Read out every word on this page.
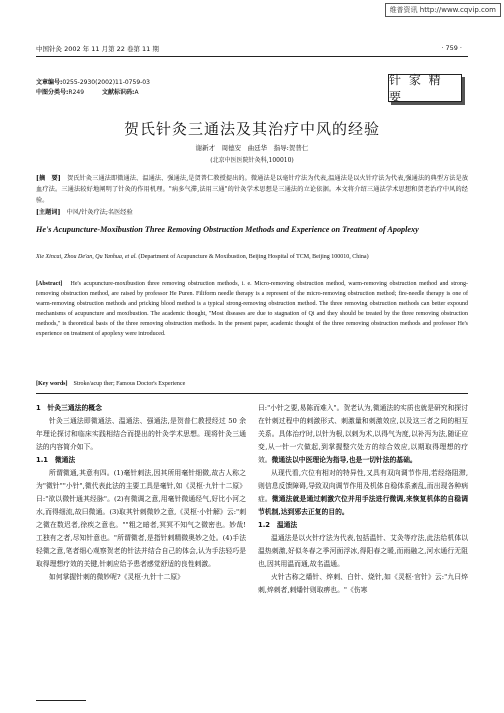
维普资讯 http://www.cqvip.com
中国针灸 2002 年 11 月第 22 卷第 11 期	· 759 ·
文章编号:0255-2930(2002)11-0759-03
中图分类号:R249	文献标识码:A
针 家 精 要
贺氏针灸三通法及其治疗中风的经验
谢新才　周德安　曲廷华　指导:贺普仁
(北京中医医院针灸科,100010)

[摘　要]　 贺氏针灸三通法即微通法、温通法、强通法,是贺普仁教授提出的。微通法是以毫针疗法为代表,温通法是以火针疗法为代表,强通法的典型方法是放血疗法。三通法较好地阐明了针灸的作用机理。"病多气滞,法用三通"的针灸学术思想是三通法的立论依据。本文将介绍三通法学术思想和贺老治疗中风的经验。

[主题词]　 中风/针灸疗法;名医经验

He's Acupuncture-Moxibustion Three Removing Obstruction Methods and Experience on Treatment of Apoplexy
Xie Xincai, Zhou De'an, Qu Yanhua, et al. (Department of Acupuncture & Moxibustion, Beijing Hospital of TCM, Beijing 100010, China)

[Abstract]　 He's acupuncture-moxibustion three removing obstruction methods, i. e. Micro-removing obstruction method, warm-removing obstruction method and strong-removing obstruction method, are raised by professor He Puren. Filiform needle therapy is a represent of the micro-removing obstruction method; fire-needle therapy is one of warm-removing obstruction methods and pricking blood method is a typical strong-removing obstruction method. The three removing obstruction methods can better expound mechanisms of acupuncture and moxibustion. The academic thought, "Most diseases are due to stagnation of Qi and they should be treated by the three removing obstruction methods," is theoretical basis of the three removing obstruction methods. In the present paper, academic thought of the three removing obstruction methods and professor He's experience on treatment of apoplexy were introduced.

[Key words]　 Stroke/acup ther; Famous Doctor's Experience
1　针灸三通法的概念

针灸三通法即微通法、温通法、强通法,是贺普仁教授经过 50 余年理论探讨和临床实践相结合而提出的针灸学术思想。现将针灸三通法的内容简介如下。

1.1　微通法

所谓微通,其意有四。(1)毫针刺法,因其所用毫针细微,故古人称之为"微针""小针",微代表此法的主要工具是毫针,如《灵枢·九针十二原》曰:"欲以微针通其经脉"。(2)有微调之意,用毫针微通经气,好比小河之水,而得细流,故曰微通。(3)取其针刺微妙之意,《灵枢·小针解》云:"刺之微在数迟者,徐疾之意也。""粗之暗者,冥冥不知气之微密也。妙哉!工独有之者,尽知针意也。"所谓微者,是指针刺精微奥妙之处。(4)手法轻微之意,笔者细心观察贺老的针法并结合自己的体会,认为手法轻巧是取得理想疗效的关键,针刺应给予患者感觉舒适的良性刺激。

如何掌握针刺的微妙呢?《灵枢·九针十二原》

曰:"小针之要,易陈而难入"。贺老认为,微通法的实质也就是研究和探讨在针刺过程中的刺激形式、刺激量和刺激效应,以及这三者之间的相互关系。具体治疗时,以针为根,以刺为术,以得气为度,以补泻为法,随证应变,从一针一穴做起,到掌握整穴处方的综合效应,以期取得理想的疗效。微通法以中医理论为指导,也是一切针法的基础。

从现代看,穴位有相对的特异性,又具有双向调节作用,若经络阻滞,则信息反馈障碍,导致双向调节作用及机体自稳体系紊乱,而出现各种病症。微通法就是通过刺激穴位并用手法进行微调,来恢复机体的自稳调节机制,达到邪去正复的目的。

1.2　温通法

温通法是以火针疗法为代表,包括温针、艾灸等疗法,此法给机体以温热刺激,好似冬春之季河面浮冰,得阳春之暖,而雨融之,河水通行无阻也,因其用温而通,故名温通。

火针古称之燔针、焠刺、白针、烧针,如《灵枢·官针》云:"九曰焠刺,焠刺者,刺燔针则取痹也。"《伤寒
